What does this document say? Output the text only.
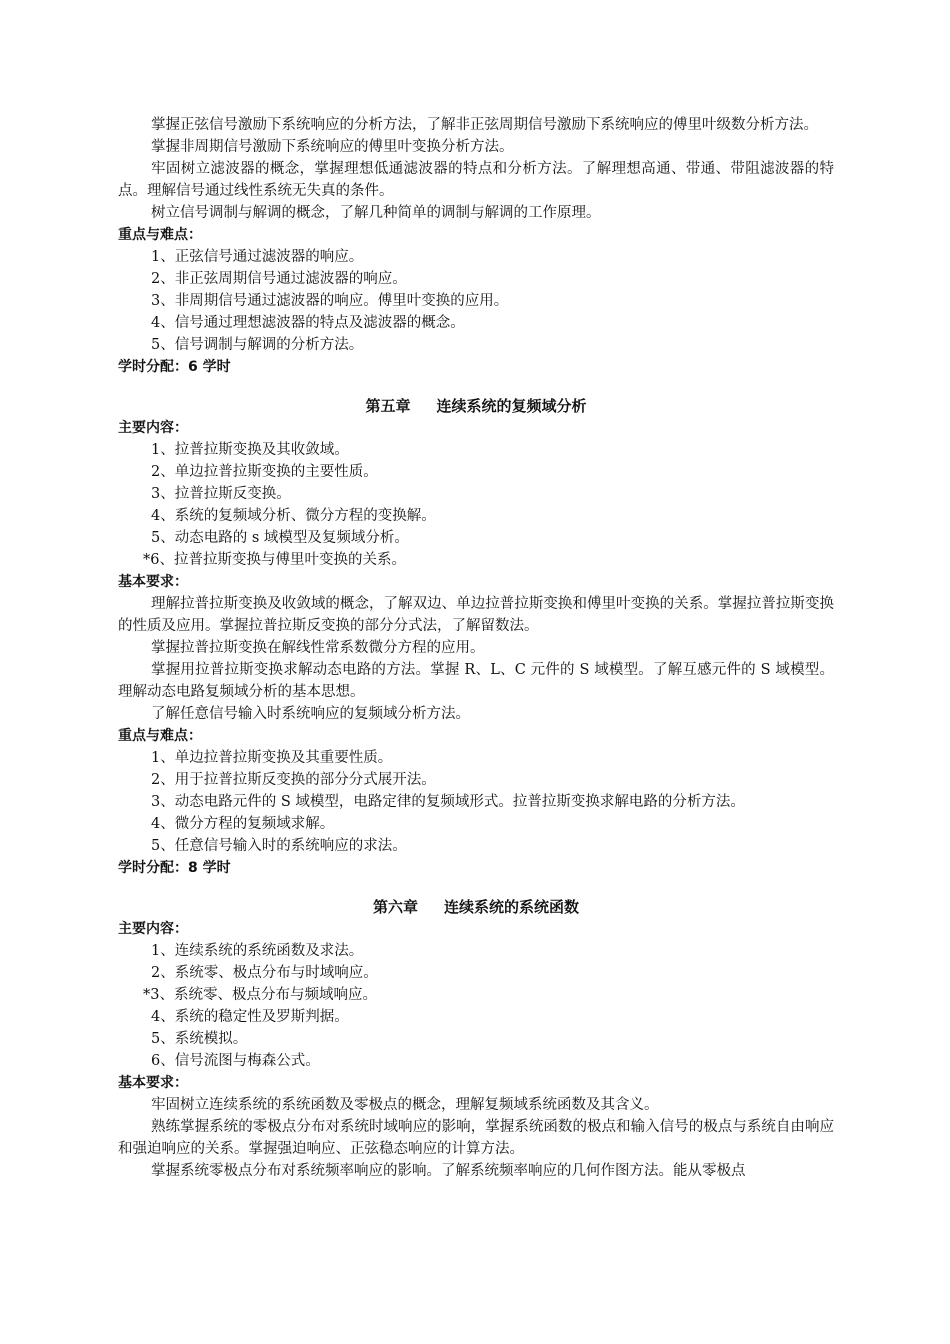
掌握正弦信号激励下系统响应的分析方法，了解非正弦周期信号激励下系统响应的傅里叶级数分析方法。

掌握非周期信号激励下系统响应的傅里叶变换分析方法。

牢固树立滤波器的概念，掌握理想低通滤波器的特点和分析方法。了解理想高通、带通、带阻滤波器的特点。理解信号通过线性系统无失真的条件。

树立信号调制与解调的概念，了解几种简单的调制与解调的工作原理。

重点与难点：
1、正弦信号通过滤波器的响应。
2、非正弦周期信号通过滤波器的响应。
3、非周期信号通过滤波器的响应。傅里叶变换的应用。
4、信号通过理想滤波器的特点及滤波器的概念。
5、信号调制与解调的分析方法。
学时分配：6 学时
第五章 连续系统的复频域分析
主要内容：
1、拉普拉斯变换及其收敛域。
2、单边拉普拉斯变换的主要性质。
3、拉普拉斯反变换。
4、系统的复频域分析、微分方程的变换解。
5、动态电路的 s 域模型及复频域分析。
*6、拉普拉斯变换与傅里叶变换的关系。
基本要求：

理解拉普拉斯变换及收敛域的概念，了解双边、单边拉普拉斯变换和傅里叶变换的关系。掌握拉普拉斯变换的性质及应用。掌握拉普拉斯反变换的部分分式法，了解留数法。

掌握拉普拉斯变换在解线性常系数微分方程的应用。

掌握用拉普拉斯变换求解动态电路的方法。掌握 R、L、C 元件的 S 域模型。了解互感元件的 S 域模型。理解动态电路复频域分析的基本思想。

了解任意信号输入时系统响应的复频域分析方法。

重点与难点：
1、单边拉普拉斯变换及其重要性质。
2、用于拉普拉斯反变换的部分分式展开法。
3、动态电路元件的 S 域模型，电路定律的复频域形式。拉普拉斯变换求解电路的分析方法。
4、微分方程的复频域求解。
5、任意信号输入时的系统响应的求法。
学时分配：8 学时
第六章 连续系统的系统函数
主要内容：
1、连续系统的系统函数及求法。
2、系统零、极点分布与时域响应。
*3、系统零、极点分布与频域响应。
4、系统的稳定性及罗斯判据。
5、系统模拟。
6、信号流图与梅森公式。
基本要求：

牢固树立连续系统的系统函数及零极点的概念，理解复频域系统函数及其含义。

熟练掌握系统的零极点分布对系统时域响应的影响，掌握系统函数的极点和输入信号的极点与系统自由响应和强迫响应的关系。掌握强迫响应、正弦稳态响应的计算方法。

掌握系统零极点分布对系统频率响应的影响。了解系统频率响应的几何作图方法。能从零极点
